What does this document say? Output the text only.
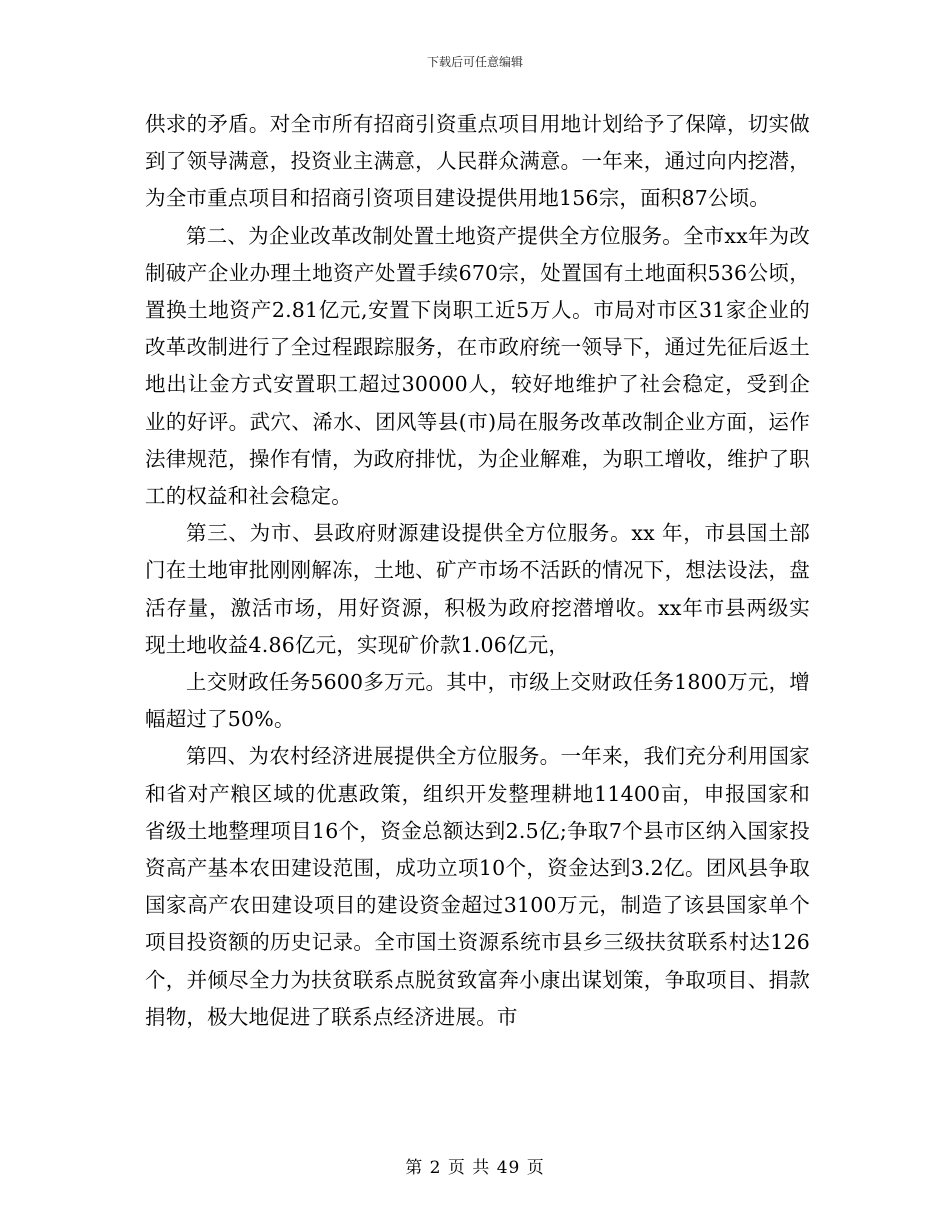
下载后可任意编辑

供求的矛盾。对全市所有招商引资重点项目用地计划给予了保障，切实做到了领导满意，投资业主满意，人民群众满意。一年来，通过向内挖潜，为全市重点项目和招商引资项目建设提供用地156宗，面积87公顷。

第二、为企业改革改制处置土地资产提供全方位服务。全市xx年为改制破产企业办理土地资产处置手续670宗，处置国有土地面积536公顷，置换土地资产2.81亿元,安置下岗职工近5万人。市局对市区31家企业的改革改制进行了全过程跟踪服务，在市政府统一领导下，通过先征后返土地出让金方式安置职工超过30000人，较好地维护了社会稳定，受到企业的好评。武穴、浠水、团风等县(市)局在服务改革改制企业方面，运作法律规范，操作有情，为政府排忧，为企业解难，为职工增收，维护了职工的权益和社会稳定。

第三、为市、县政府财源建设提供全方位服务。xx 年，市县国土部门在土地审批刚刚解冻，土地、矿产市场不活跃的情况下，想法设法，盘活存量，激活市场，用好资源，积极为政府挖潜增收。xx年市县两级实现土地收益4.86亿元，实现矿价款1.06亿元，

上交财政任务5600多万元。其中，市级上交财政任务1800万元，增幅超过了50%。

第四、为农村经济进展提供全方位服务。一年来，我们充分利用国家和省对产粮区域的优惠政策，组织开发整理耕地11400亩，申报国家和省级土地整理项目16个，资金总额达到2.5亿;争取7个县市区纳入国家投资高产基本农田建设范围，成功立项10个，资金达到3.2亿。团风县争取国家高产农田建设项目的建设资金超过3100万元，制造了该县国家单个项目投资额的历史记录。全市国土资源系统市县乡三级扶贫联系村达126个，并倾尽全力为扶贫联系点脱贫致富奔小康出谋划策，争取项目、捐款捐物，极大地促进了联系点经济进展。市

第 2 页 共 49 页
